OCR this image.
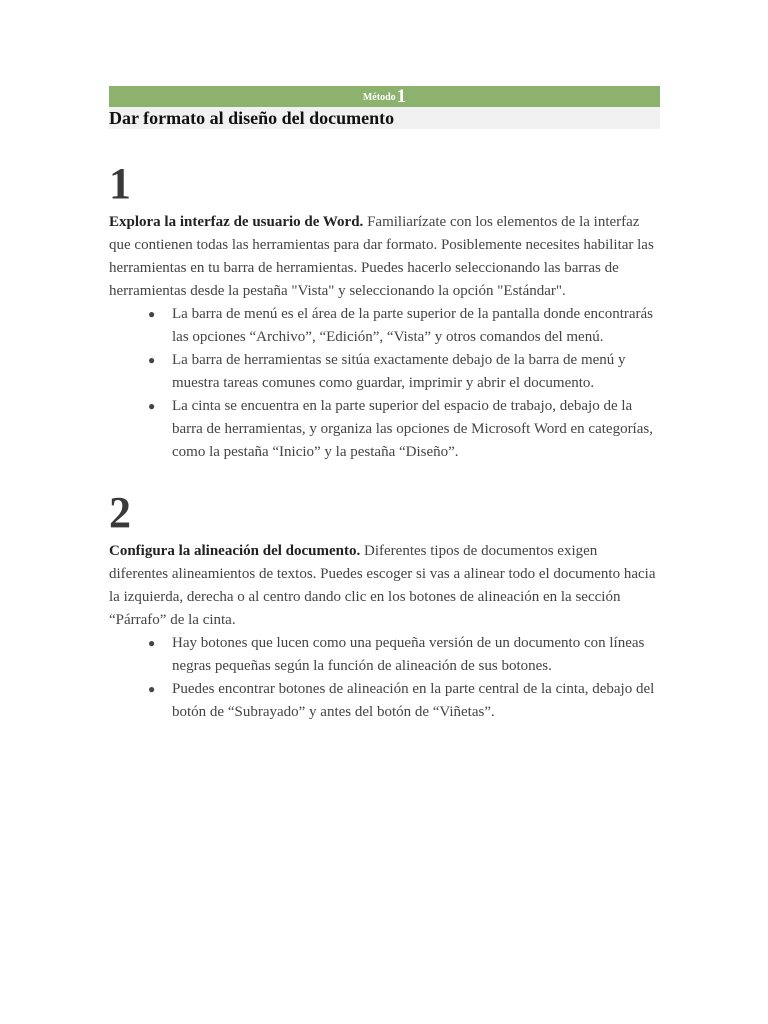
Método1
Dar formato al diseño del documento
1

Explora la interfaz de usuario de Word. Familiarízate con los elementos de la interfaz que contienen todas las herramientas para dar formato. Posiblemente necesites habilitar las herramientas en tu barra de herramientas. Puedes hacerlo seleccionando las barras de herramientas desde la pestaña "Vista" y seleccionando la opción "Estándar".

● La barra de menú es el área de la parte superior de la pantalla donde encontrarás las opciones “Archivo”, “Edición”, “Vista” y otros comandos del menú.
● La barra de herramientas se sitúa exactamente debajo de la barra de menú y muestra tareas comunes como guardar, imprimir y abrir el documento.
● La cinta se encuentra en la parte superior del espacio de trabajo, debajo de la barra de herramientas, y organiza las opciones de Microsoft Word en categorías, como la pestaña “Inicio” y la pestaña “Diseño”.
2

Configura la alineación del documento. Diferentes tipos de documentos exigen diferentes alineamientos de textos. Puedes escoger si vas a alinear todo el documento hacia la izquierda, derecha o al centro dando clic en los botones de alineación en la sección “Párrafo” de la cinta.

● Hay botones que lucen como una pequeña versión de un documento con líneas negras pequeñas según la función de alineación de sus botones.
● Puedes encontrar botones de alineación en la parte central de la cinta, debajo del botón de “Subrayado” y antes del botón de “Viñetas”.
